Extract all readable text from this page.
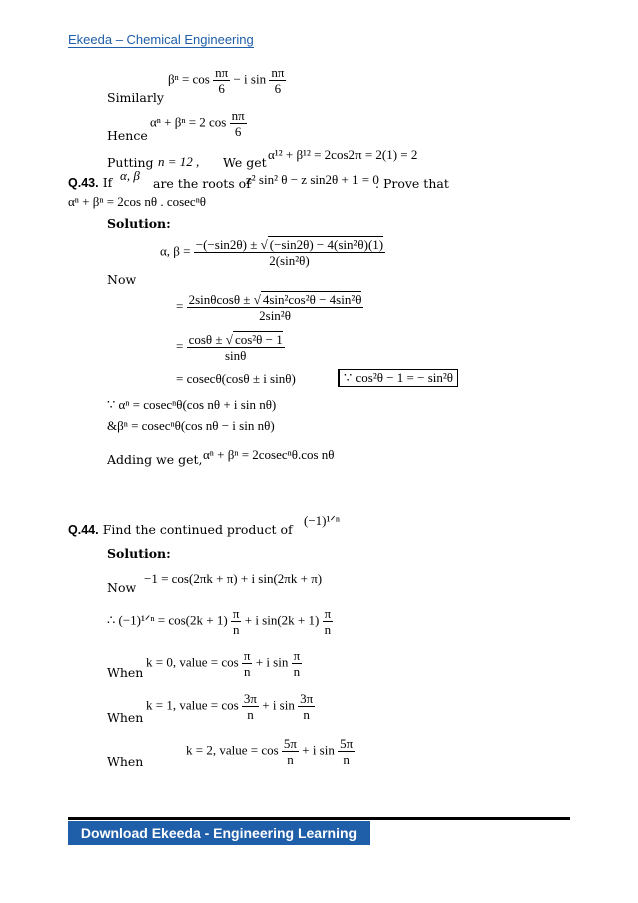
Ekeeda – Chemical Engineering
$\beta^n = \cos \frac{n\pi}{6} - i$ $\sin \frac{n\pi}{6}$
Similarly
αⁿ + βⁿ = 2 $\cos \frac{n\pi}{6}$
Hence
Putting n = 12 , We get
α¹² + β¹² = 2cos2π = 2(1) = 2
Q.43. If α, β
are the roots of
z² sin² θ − z sin2θ + 1 = 0
. Prove that
αⁿ + βⁿ = 2cos nθ . cosecⁿθ
Solution:
α, $\beta = \frac{\text{−(−sin2θ) ± √ (−sin2θ) − 4(sin²θ)(1)}}{\text{2(sin²θ)}}$
Now
= $\frac{\text{2sinθcosθ ± √ 4sin²cos²θ − 4sin²θ}}{\text{2sin²θ}}$
= $\frac{\text{cosθ ± √ cos²θ − 1}}{\sin\theta}$
= cosecθ(cosθ ± i sinθ)	∵ cos²θ − 1 = − sin²θ
∵ αⁿ = cosecⁿθ(cos nθ + i sin nθ)
&βⁿ = cosecⁿθ(cos nθ − i sin nθ)
Adding we get, αⁿ + βⁿ = 2cosecⁿθ.cos nθ
Q.44. Find the continued product of
(−1)¹ᐟⁿ
Solution:
Now
−1 = cos(2πk + π) + i sin(2πk + π)
∴ (−1)¹ᐟⁿ = $\cos(2k + 1) \frac{\pi}{n} + i$ $\sin(2k + 1) \frac{\pi}{n}$
k = 0, value = $\cos \frac{\pi}{n} + i$ $\sin \frac{\pi}{n}$
When
k = 1, value = $\cos \frac{3\pi}{n} + i$ $\sin \frac{3\pi}{n}$
When
k = 2, value = $\cos \frac{5\pi}{n} + i$ $\sin \frac{5\pi}{n}$
When
Download Ekeeda - Engineering Learning App
